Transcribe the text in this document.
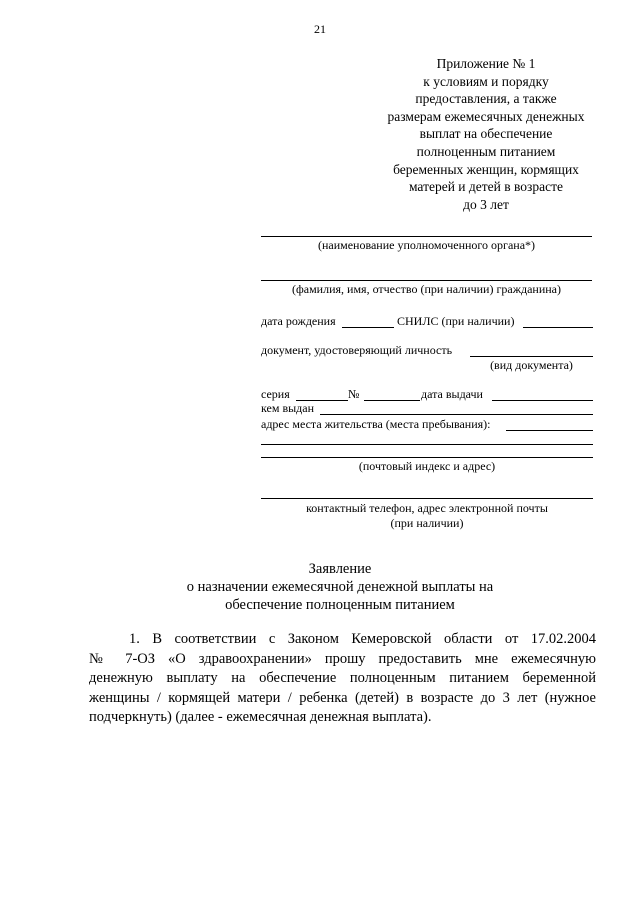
21
Приложение № 1
к условиям и порядку
предоставления, а также
размерам ежемесячных денежных
выплат на обеспечение
полноценным питанием
беременных женщин, кормящих
матерей и детей в возрасте
до 3 лет
(наименование уполномоченного органа*)
(фамилия, имя, отчество (при наличии) гражданина)
дата рождения	СНИЛС (при наличии)
документ, удостоверяющий личность
(вид документа)
серия	№	дата выдачи
кем выдан
адрес места жительства (места пребывания):
(почтовый индекс и адрес)
контактный телефон, адрес электронной почты
(при наличии)
Заявление
о назначении ежемесячной денежной выплаты на
обеспечение полноценным питанием
1. В соответствии с Законом Кемеровской области от 17.02.2004
№ 7-ОЗ «О здравоохранении» прошу предоставить мне ежемесячную
денежную выплату на обеспечение полноценным питанием беременной
женщины / кормящей матери / ребенка (детей) в возрасте до 3 лет (нужное
подчеркнуть) (далее - ежемесячная денежная выплата).
